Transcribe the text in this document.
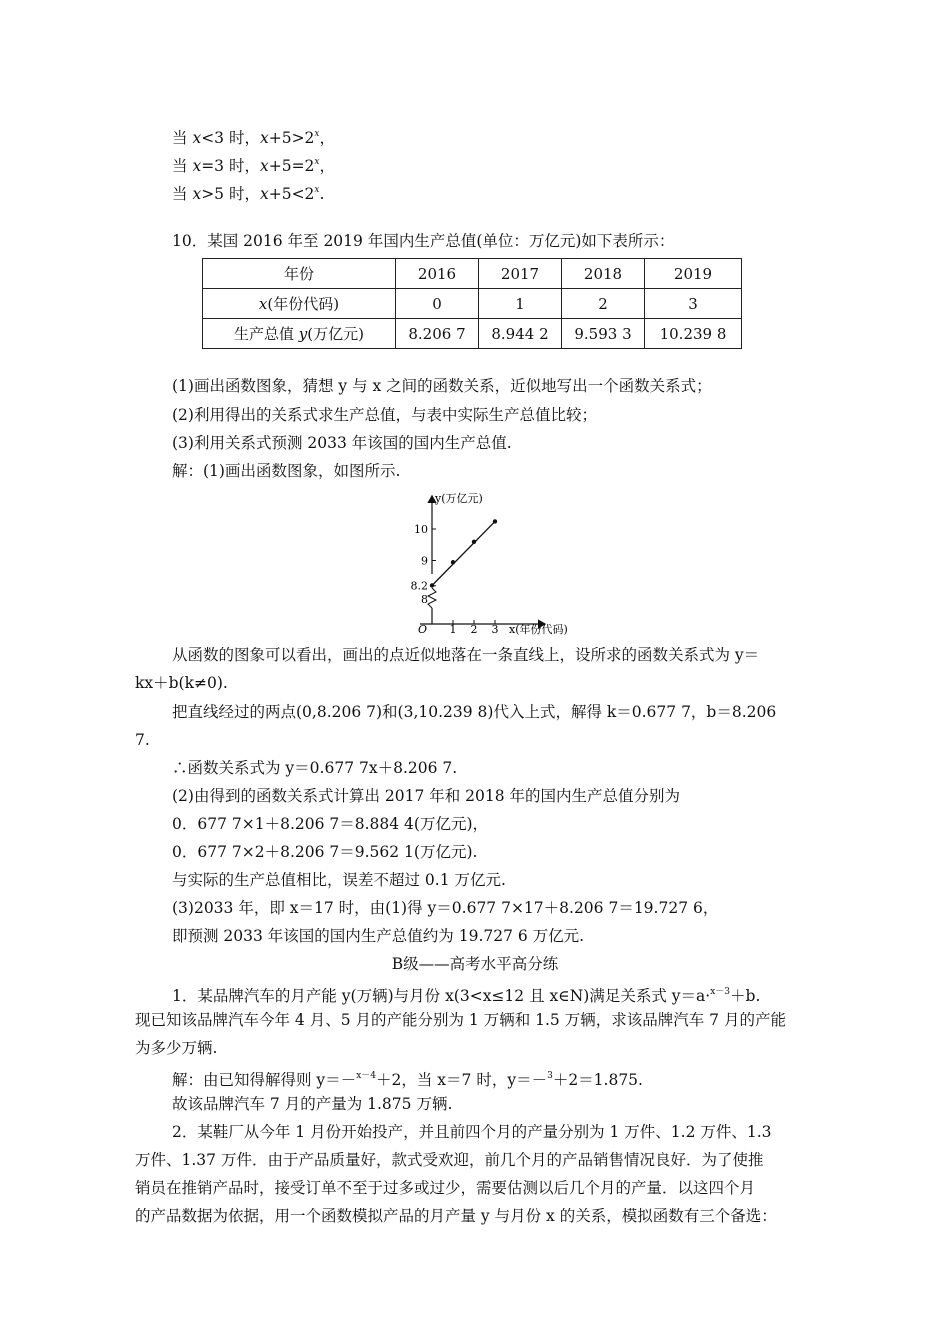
当 x<3 时，$x+5>2^x$，
当 x=3 时，$x+5=2^x$，
当 x>5 时，$x+5<2^x$.
10．某国 2016 年至 2019 年国内生产总值(单位：万亿元)如下表所示：
年份	2016	2017	2018	2019
x(年份代码)	0	1	2	3
生产总值 y(万亿元)	8.206 7	8.944 2	9.593 3	10.239 8
(1)画出函数图象，猜想 y 与 x 之间的函数关系，近似地写出一个函数关系式；
(2)利用得出的关系式求生产总值，与表中实际生产总值比较；
(3)利用关系式预测 2033 年该国的国内生产总值.
解：(1)画出函数图象，如图所示.
y(万亿元)
x(年份代码)
O 1 2 3
8
8.2
9
10
从函数的图象可以看出，画出的点近似地落在一条直线上，设所求的函数关系式为 y＝
kx＋b(k≠0).
把直线经过的两点(0,8.206 7)和(3,10.239 8)代入上式，解得 k＝0.677 7，b＝8.206
7.
∴函数关系式为 y＝0.677 7x＋8.206 7.
(2)由得到的函数关系式计算出 2017 年和 2018 年的国内生产总值分别为
0．677 7×1＋8.206 7＝8.884 4(万亿元)，
0．677 7×2＋8.206 7＝9.562 1(万亿元).
与实际的生产总值相比，误差不超过 0.1 万亿元.
(3)2033 年，即 x＝17 时，由(1)得 y＝0.677 7×17＋8.206 7＝19.727 6，
即预测 2033 年该国的国内生产总值约为 19.727 6 万亿元.
B级——高考水平高分练
1．某品牌汽车的月产能 y(万辆)与月份 x(3<x≤12 且 x∈N)满足关系式 y＝a·$^{x-3}$＋b.
现已知该品牌汽车今年 4 月、5 月的产能分别为 1 万辆和 1.5 万辆，求该品牌汽车 7 月的产能
为多少万辆.
解：由已知得解得则 y＝－$^{x-4}$＋2，当 x＝7 时，y＝－$^3$＋2＝1.875.
故该品牌汽车 7 月的产量为 1.875 万辆.
2．某鞋厂从今年 1 月份开始投产，并且前四个月的产量分别为 1 万件、1.2 万件、1.3
万件、1.37 万件．由于产品质量好，款式受欢迎，前几个月的产品销售情况良好．为了使推
销员在推销产品时，接受订单不至于过多或过少，需要估测以后几个月的产量．以这四个月
的产品数据为依据，用一个函数模拟产品的月产量 y 与月份 x 的关系，模拟函数有三个备选：
